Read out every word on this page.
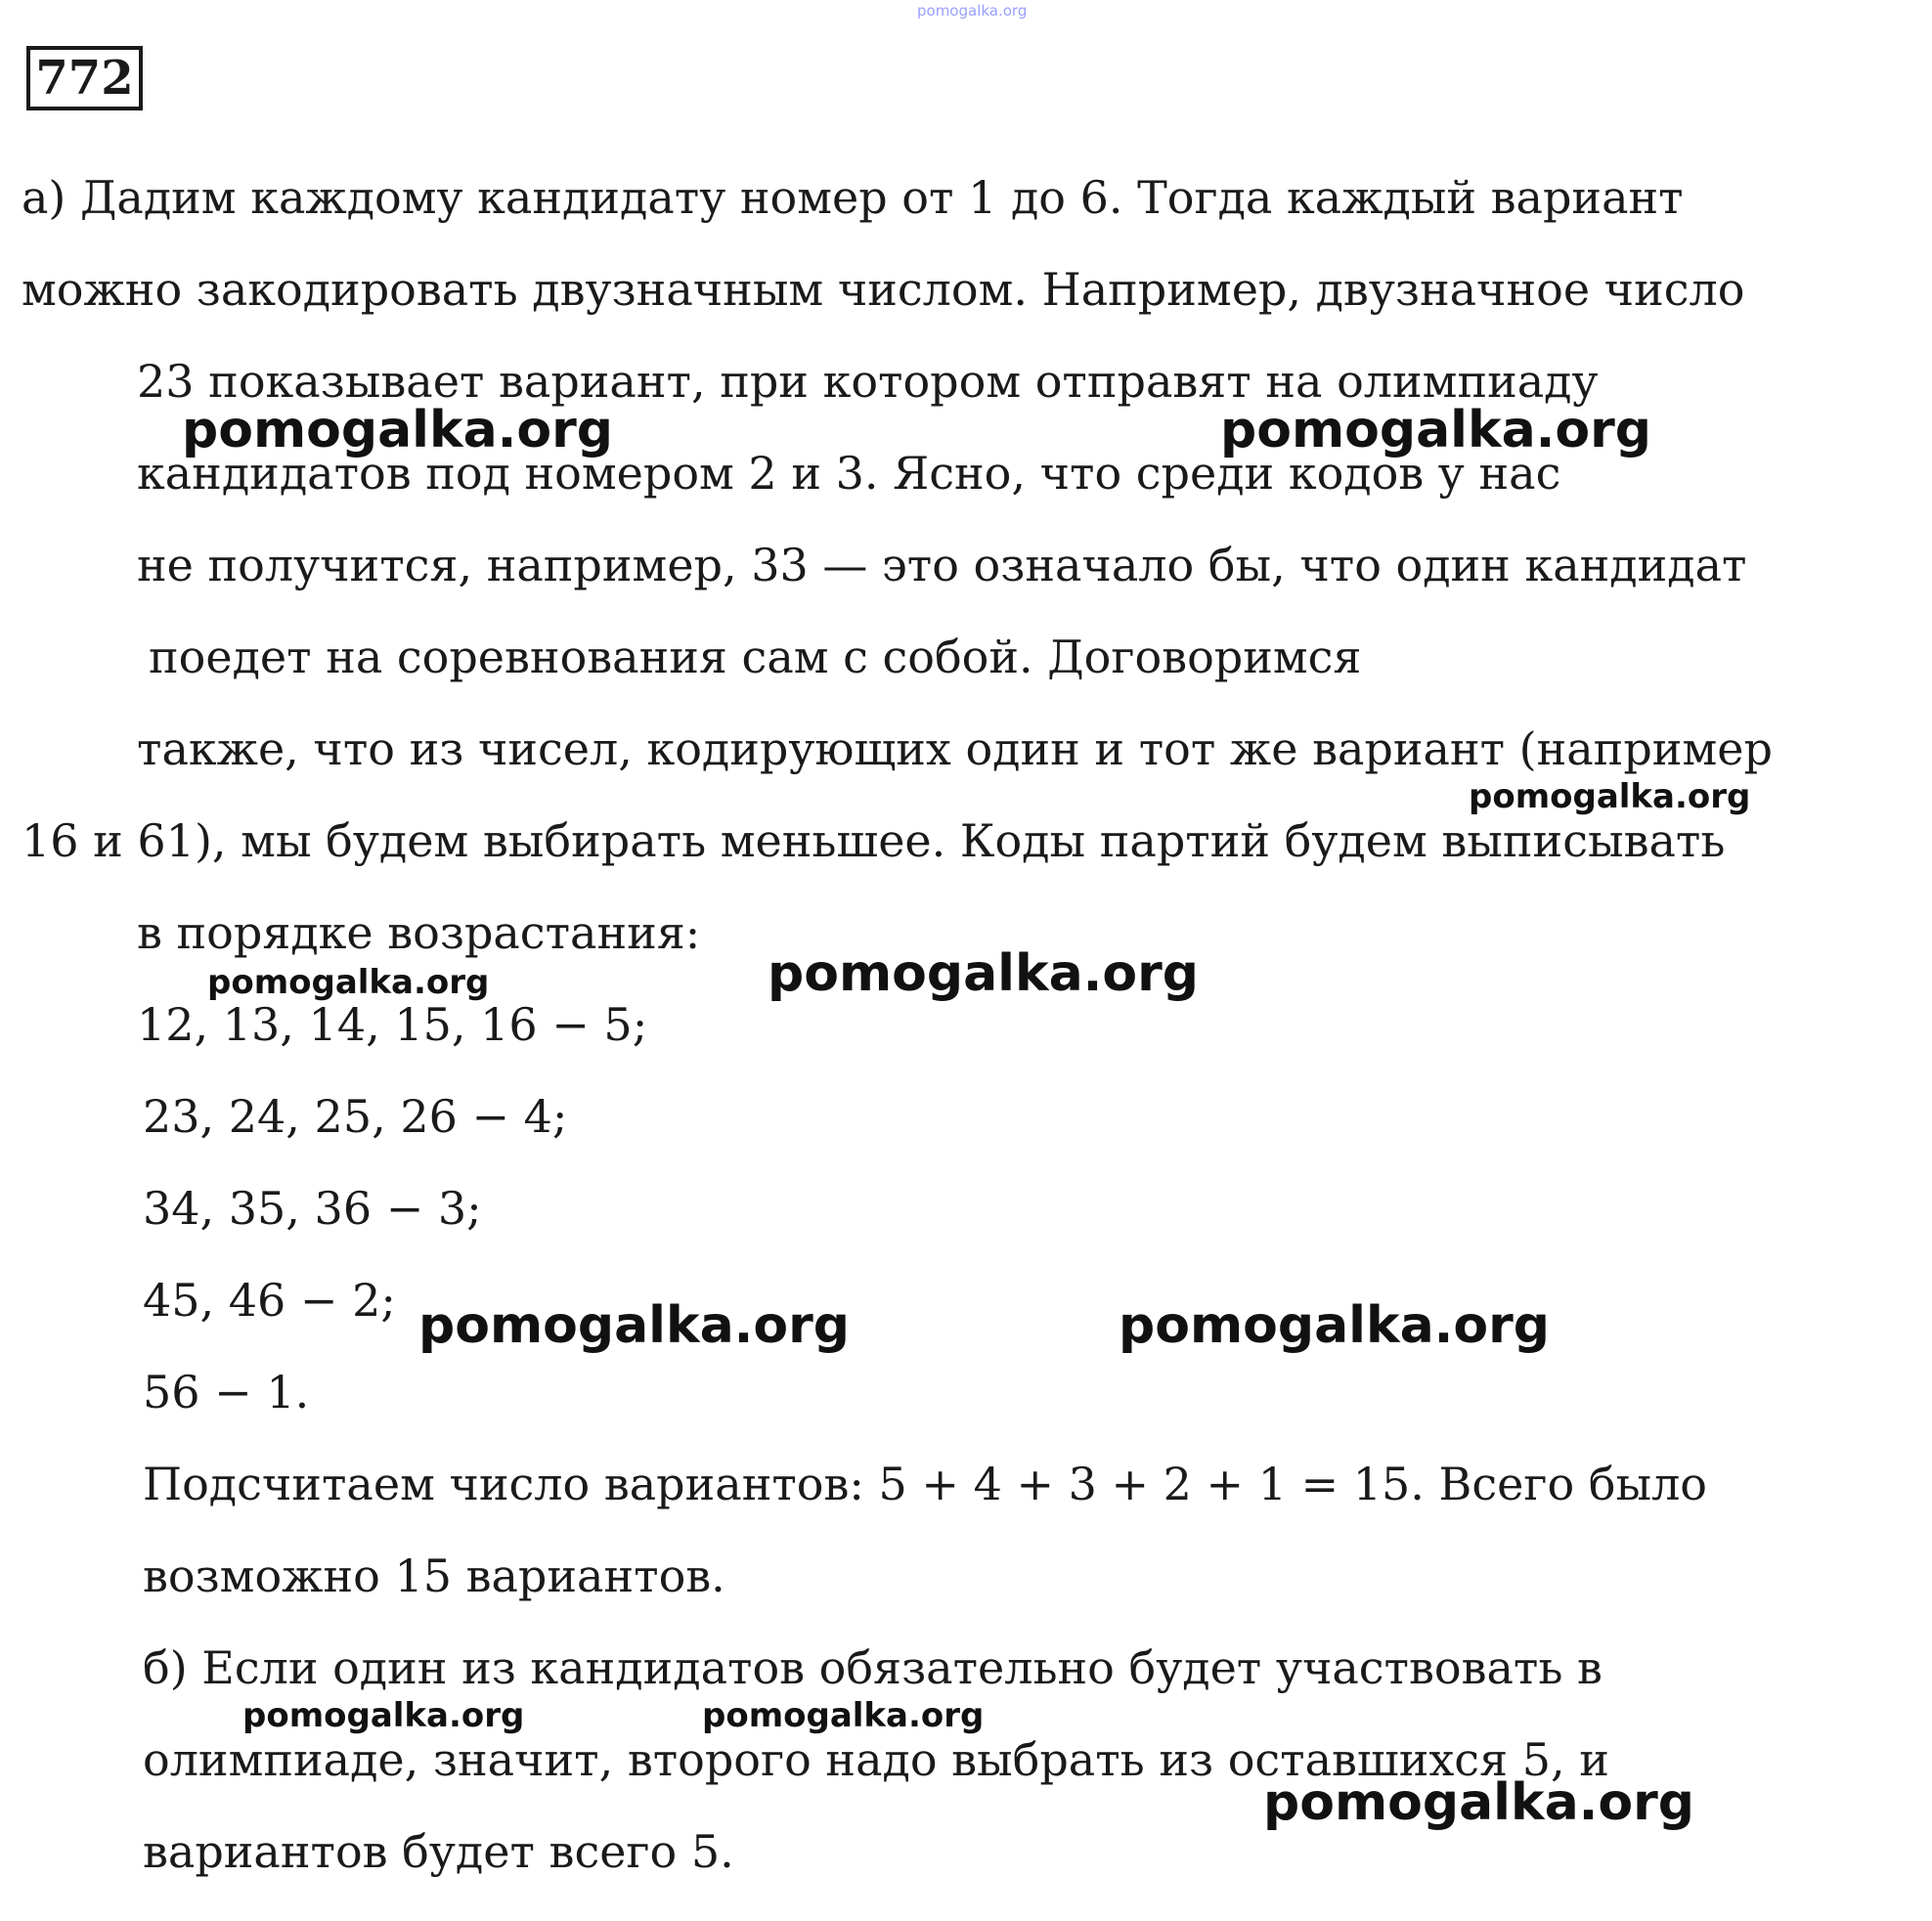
pomogalka.org
772
а) Дадим каждому кандидату номер от 1 до 6. Тогда каждый вариант
можно закодировать двузначным числом. Например, двузначное число
23 показывает вариант, при котором отправят на олимпиаду
кандидатов под номером 2 и 3. Ясно, что среди кодов у нас
не получится, например, 33 — это означало бы, что один кандидат
поедет на соревнования сам с собой. Договоримся
также, что из чисел, кодирующих один и тот же вариант (например
16 и 61), мы будем выбирать меньшее. Коды партий будем выписывать
в порядке возрастания:
12, 13, 14, 15, 16 − 5;
23, 24, 25, 26 − 4;
34, 35, 36 − 3;
45, 46 − 2;
56 − 1.
Подсчитаем число вариантов: 5 + 4 + 3 + 2 + 1 = 15. Всего было
возможно 15 вариантов.
б) Если один из кандидатов обязательно будет участвовать в
олимпиаде, значит, второго надо выбрать из оставшихся 5, и
вариантов будет всего 5.
pomogalka.org	pomogalka.org
pomogalka.org
pomogalka.org	pomogalka.org
pomogalka.org	pomogalka.org
pomogalka.org	pomogalka.org
pomogalka.org
